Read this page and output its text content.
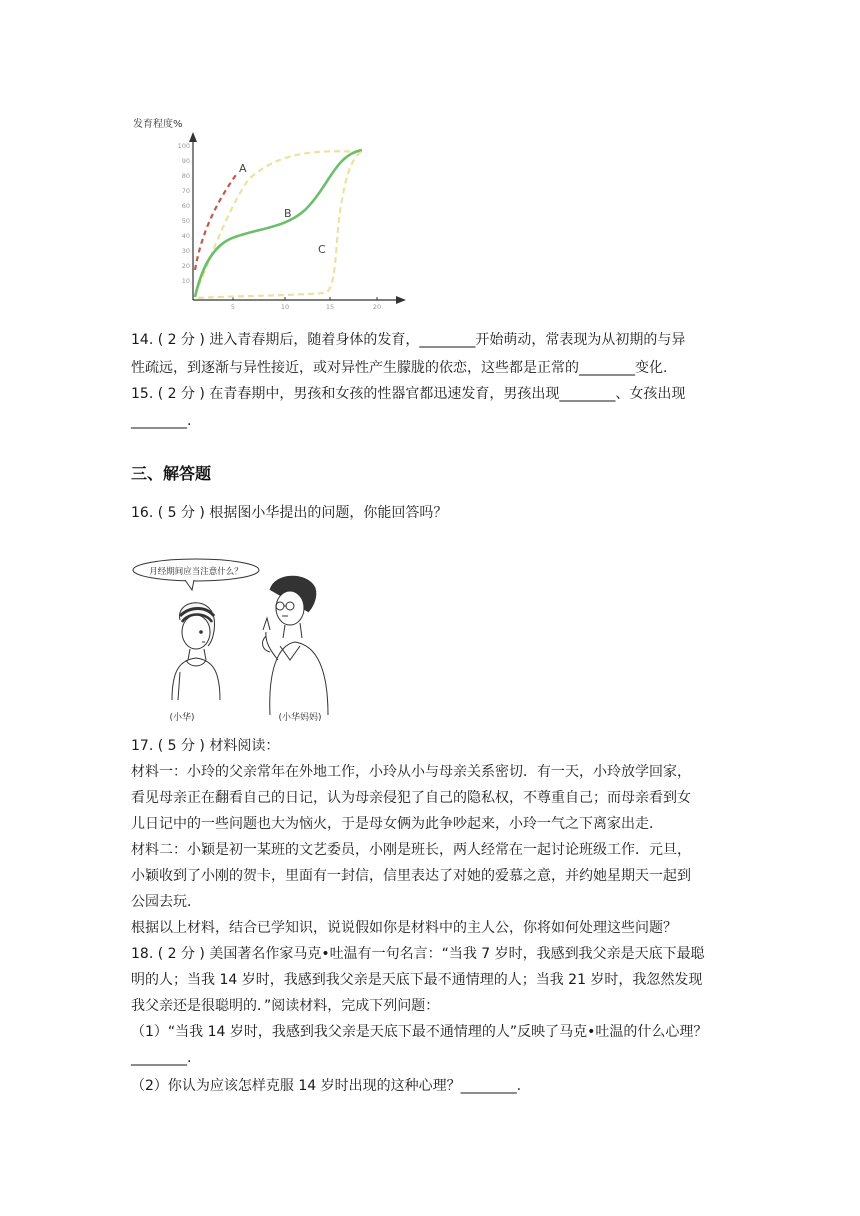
发育程度%
100
90
80
70
60
50
40
30
20
10
5	10	15	20
A
B
C
14. ( 2 分 ) 进入青春期后，随着身体的发育，________开始萌动，常表现为从初期的与异
性疏远，到逐渐与异性接近，或对异性产生朦胧的依恋，这些都是正常的________变化.
15. ( 2 分 ) 在青春期中，男孩和女孩的性器官都迅速发育，男孩出现________、女孩出现
________.
三、解答题
16. ( 5 分 ) 根据图小华提出的问题，你能回答吗？
月经期间应当注意什么？
(小华)	(小华妈妈)
17. ( 5 分 ) 材料阅读：
材料一：小玲的父亲常年在外地工作，小玲从小与母亲关系密切．有一天，小玲放学回家，
看见母亲正在翻看自己的日记，认为母亲侵犯了自己的隐私权，不尊重自己；而母亲看到女
儿日记中的一些问题也大为恼火，于是母女俩为此争吵起来，小玲一气之下离家出走．
材料二：小颖是初一某班的文艺委员，小刚是班长，两人经常在一起讨论班级工作．元旦，
小颖收到了小刚的贺卡，里面有一封信，信里表达了对她的爱慕之意，并约她星期天一起到
公园去玩．
根据以上材料，结合已学知识，说说假如你是材料中的主人公，你将如何处理这些问题？
18. ( 2 分 ) 美国著名作家马克•吐温有一句名言：“当我 7 岁时，我感到我父亲是天底下最聪
明的人；当我 14 岁时，我感到我父亲是天底下最不通情理的人；当我 21 岁时，我忽然发现
我父亲还是很聪明的．”阅读材料，完成下列问题：
（1）“当我 14 岁时，我感到我父亲是天底下最不通情理的人”反映了马克•吐温的什么心理？
________.
（2）你认为应该怎样克服 14 岁时出现的这种心理？________.
